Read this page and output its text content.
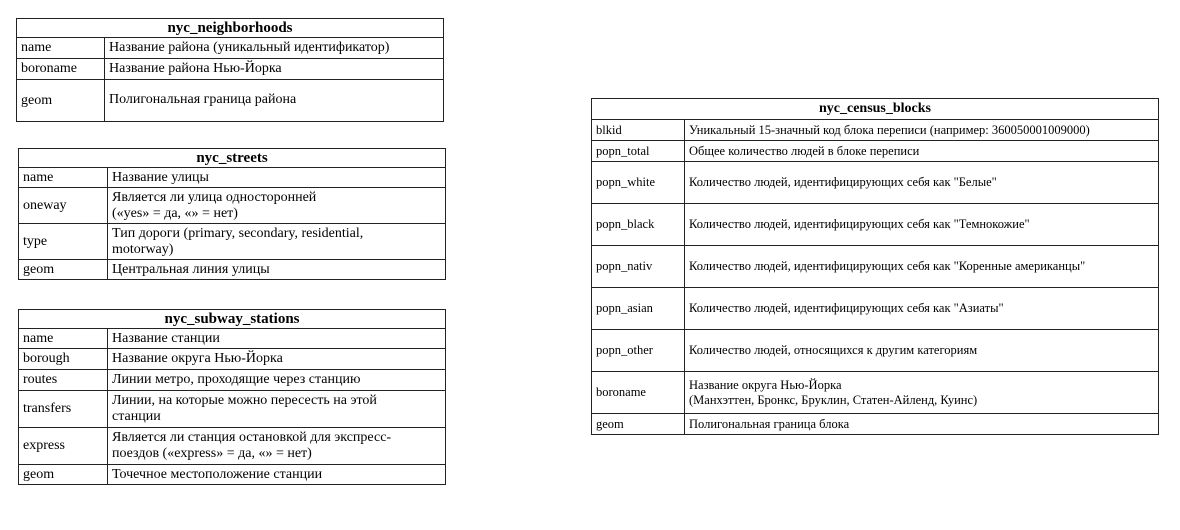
nyc_neighborhoods	
name	Название района (уникальный идентификатор)
boroname	Название района Нью-Йорка
geom	Полигональная граница района
nyc_streets	
name	Название улицы
oneway	Является ли улица односторонней
(«yes» = да, «» = нет)
type	Тип дороги (primary, secondary, residential,
motorway)
geom	Центральная линия улицы
nyc_subway_stations	
name	Название станции
borough	Название округа Нью-Йорка
routes	Линии метро, проходящие через станцию
transfers	Линии, на которые можно пересесть на этой
станции
express	Является ли станция остановкой для экспресс-
поездов («express» = да, «» = нет)
geom	Точечное местоположение станции
nyc_census_blocks	
blkid	Уникальный 15-значный код блока переписи (например: 360050001009000)
popn_total	Общее количество людей в блоке переписи
popn_white	Количество людей, идентифицирующих себя как "Белые"
popn_black	Количество людей, идентифицирующих себя как "Темнокожие"
popn_nativ	Количество людей, идентифицирующих себя как "Коренные американцы"
popn_asian	Количество людей, идентифицирующих себя как "Азиаты"
popn_other	Количество людей, относящихся к другим категориям
boroname	Название округа Нью-Йорка
(Манхэттен, Бронкс, Бруклин, Статен-Айленд, Куинс)
geom	Полигональная граница блока
